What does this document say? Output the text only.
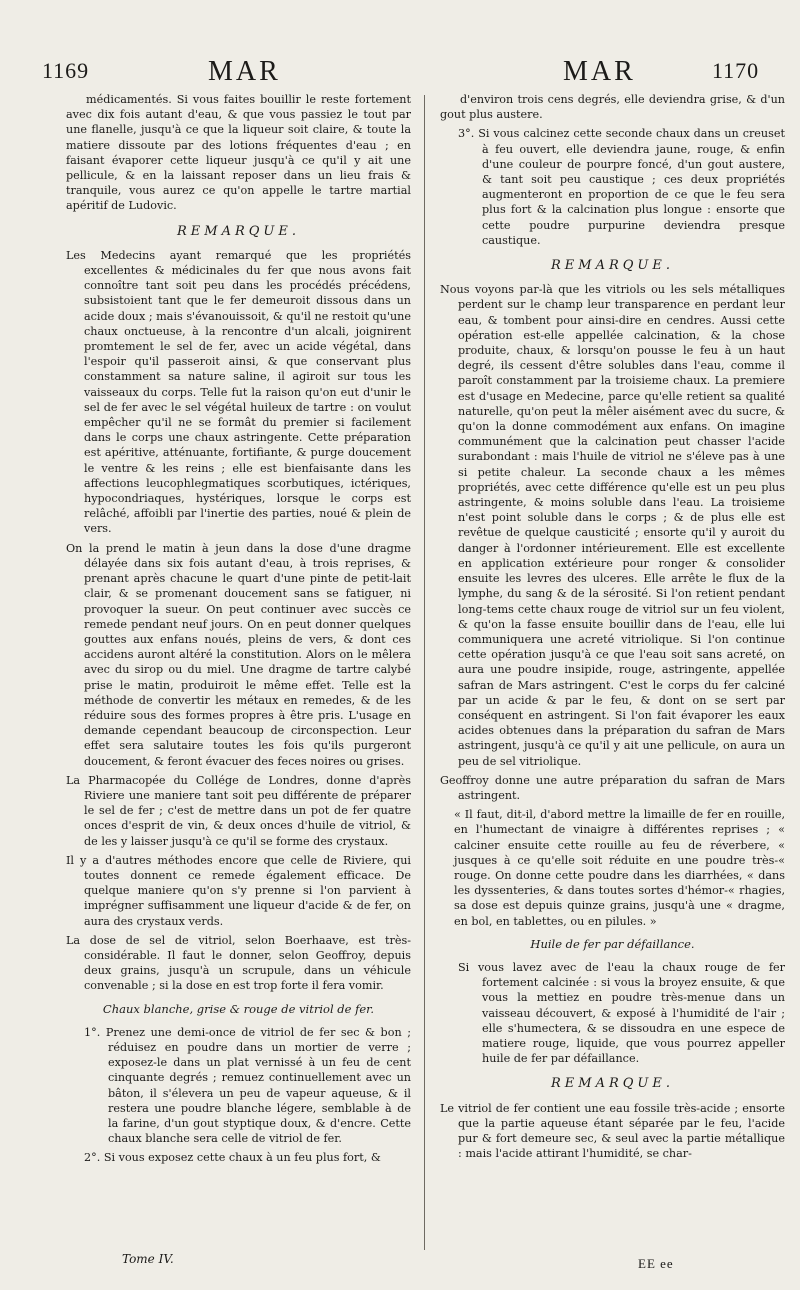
1169	MAR	MAR	1170

médicamentés. Si vous faites bouillir le reste fortement avec dix fois autant d'eau, & que vous passiez le tout par une flanelle, jusqu'à ce que la liqueur soit claire, & toute la matiere dissoute par des lotions fréquentes d'eau ; en faisant évaporer cette liqueur jusqu'à ce qu'il y ait une pellicule, & en la laissant reposer dans un lieu frais & tranquile, vous aurez ce qu'on appelle le tartre martial apéritif de Ludovic.

REMARQUE.

Les Medecins ayant remarqué que les propriétés excellentes & médicinales du fer que nous avons fait connoître tant soit peu dans les procédés précédens, subsistoient tant que le fer demeuroit dissous dans un acide doux ; mais s'évanouissoit, & qu'il ne restoit qu'une chaux onctueuse, à la rencontre d'un alcali, joignirent promtement le sel de fer, avec un acide végétal, dans l'espoir qu'il passeroit ainsi, & que conservant plus constamment sa nature saline, il agiroit sur tous les vaisseaux du corps. Telle fut la raison qu'on eut d'unir le sel de fer avec le sel végétal huileux de tartre : on voulut empêcher qu'il ne se formât du premier si facilement dans le corps une chaux astringente. Cette préparation est apéritive, atténuante, fortifiante, & purge doucement le ventre & les reins ; elle est bienfaisante dans les affections leucophlegmatiques scorbutiques, ictériques, hypocondriaques, hystériques, lorsque le corps est relâché, affoibli par l'inertie des parties, noué & plein de vers.

On la prend le matin à jeun dans la dose d'une dragme délayée dans six fois autant d'eau, à trois reprises, & prenant après chacune le quart d'une pinte de petit-lait clair, & se promenant doucement sans se fatiguer, ni provoquer la sueur. On peut continuer avec succès ce remede pendant neuf jours. On en peut donner quelques gouttes aux enfans noués, pleins de vers, & dont ces accidens auront altéré la constitution. Alors on le mêlera avec du sirop ou du miel. Une dragme de tartre calybé prise le matin, produiroit le même effet. Telle est la méthode de convertir les métaux en remedes, & de les réduire sous des formes propres à être pris. L'usage en demande cependant beaucoup de circonspection. Leur effet sera salutaire toutes les fois qu'ils purgeront doucement, & feront évacuer des feces noires ou grises.

La Pharmacopée du Collége de Londres, donne d'après Riviere une maniere tant soit peu différente de préparer le sel de fer ; c'est de mettre dans un pot de fer quatre onces d'esprit de vin, & deux onces d'huile de vitriol, & de les y laisser jusqu'à ce qu'il se forme des crystaux.

Il y a d'autres méthodes encore que celle de Riviere, qui toutes donnent ce remede également efficace. De quelque maniere qu'on s'y prenne si l'on parvient à imprégner suffisamment une liqueur d'acide & de fer, on aura des crystaux verds.

La dose de sel de vitriol, selon Boerhaave, est très-considérable. Il faut le donner, selon Geoffroy, depuis deux grains, jusqu'à un scrupule, dans un véhicule convenable ; si la dose en est trop forte il fera vomir.

Chaux blanche, grise & rouge de vitriol de fer.

1°. Prenez une demi-once de vitriol de fer sec & bon ; réduisez en poudre dans un mortier de verre ; exposez-le dans un plat vernissé à un feu de cent cinquante degrés ; remuez continuellement avec un bâton, il s'élevera un peu de vapeur aqueuse, & il restera une poudre blanche légere, semblable à de la farine, d'un gout styptique doux, & d'encre. Cette chaux blanche sera celle de vitriol de fer.

2°. Si vous exposez cette chaux à un feu plus fort, &

d'environ trois cens degrés, elle deviendra grise, & d'un gout plus austere.

3°. Si vous calcinez cette seconde chaux dans un creuset à feu ouvert, elle deviendra jaune, rouge, & enfin d'une couleur de pourpre foncé, d'un gout austere, & tant soit peu caustique ; ces deux propriétés augmenteront en proportion de ce que le feu sera plus fort & la calcination plus longue : ensorte que cette poudre purpurine deviendra presque caustique.

REMARQUE.

Nous voyons par-là que les vitriols ou les sels métalliques perdent sur le champ leur transparence en perdant leur eau, & tombent pour ainsi-dire en cendres. Aussi cette opération est-elle appellée calcination, & la chose produite, chaux, & lorsqu'on pousse le feu à un haut degré, ils cessent d'être solubles dans l'eau, comme il paroît constamment par la troisieme chaux. La premiere est d'usage en Medecine, parce qu'elle retient sa qualité naturelle, qu'on peut la mêler aisément avec du sucre, & qu'on la donne commodément aux enfans. On imagine communément que la calcination peut chasser l'acide surabondant : mais l'huile de vitriol ne s'éleve pas à une si petite chaleur. La seconde chaux a les mêmes propriétés, avec cette différence qu'elle est un peu plus astringente, & moins soluble dans l'eau. La troisieme n'est point soluble dans le corps ; & de plus elle est revêtue de quelque causticité ; ensorte qu'il y auroit du danger à l'ordonner intérieurement. Elle est excellente en application extérieure pour ronger & consolider ensuite les levres des ulceres. Elle arrête le flux de la lymphe, du sang & de la sérosité. Si l'on retient pendant long-tems cette chaux rouge de vitriol sur un feu violent, & qu'on la fasse ensuite bouillir dans de l'eau, elle lui communiquera une acreté vitriolique. Si l'on continue cette opération jusqu'à ce que l'eau soit sans acreté, on aura une poudre insipide, rouge, astringente, appellée safran de Mars astringent. C'est le corps du fer calciné par un acide & par le feu, & dont on se sert par conséquent en astringent. Si l'on fait évaporer les eaux acides obtenues dans la préparation du safran de Mars astringent, jusqu'à ce qu'il y ait une pellicule, on aura un peu de sel vitriolique.

Geoffroy donne une autre préparation du safran de Mars astringent.

« Il faut, dit-il, d'abord mettre la limaille de fer en rouille, en l'humectant de vinaigre à différentes reprises ; « calciner ensuite cette rouille au feu de réverbere, « jusques à ce qu'elle soit réduite en une poudre très-« rouge. On donne cette poudre dans les diarrhées, « dans les dyssenteries, & dans toutes sortes d'hémor-« rhagies, sa dose est depuis quinze grains, jusqu'à une « dragme, en bol, en tablettes, ou en pilules. »

Huile de fer par défaillance.

Si vous lavez avec de l'eau la chaux rouge de fer fortement calcinée : si vous la broyez ensuite, & que vous la mettiez en poudre très-menue dans un vaisseau découvert, & exposé à l'humidité de l'air ; elle s'humectera, & se dissoudra en une espece de matiere rouge, liquide, que vous pourrez appeller huile de fer par défaillance.

REMARQUE.

Le vitriol de fer contient une eau fossile très-acide ; ensorte que la partie aqueuse étant séparée par le feu, l'acide pur & fort demeure sec, & seul avec la partie métallique : mais l'acide attirant l'humidité, se char-

Tome IV.	EE ee
